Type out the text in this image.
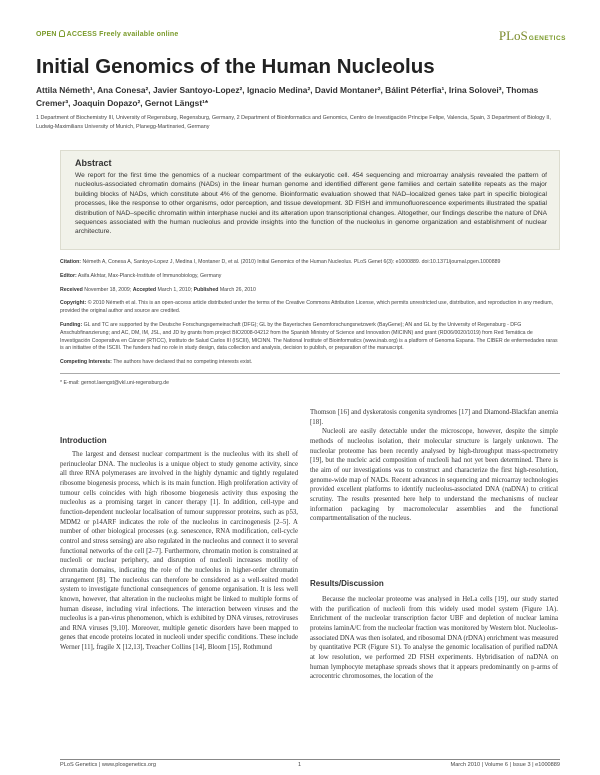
OPEN ACCESS Freely available online	PLoSGENETICS
Initial Genomics of the Human Nucleolus
Attila Németh¹, Ana Conesa², Javier Santoyo-Lopez², Ignacio Medina², David Montaner², Bálint Péterfia¹, Irina Solovei³, Thomas Cremer³, Joaquin Dopazo², Gernot Längst¹*
1 Department of Biochemistry III, University of Regensburg, Regensburg, Germany, 2 Department of Bioinformatics and Genomics, Centro de Investigación Príncipe Felipe, Valencia, Spain, 3 Department of Biology II, Ludwig-Maximilians University of Munich, Planegg-Martinsried, Germany
Abstract
We report for the first time the genomics of a nuclear compartment of the eukaryotic cell. 454 sequencing and microarray analysis revealed the pattern of nucleolus-associated chromatin domains (NADs) in the linear human genome and identified different gene families and certain satellite repeats as the major building blocks of NADs, which constitute about 4% of the genome. Bioinformatic evaluation showed that NAD–localized genes take part in specific biological processes, like the response to other organisms, odor perception, and tissue development. 3D FISH and immunofluorescence experiments illustrated the spatial distribution of NAD–specific chromatin within interphase nuclei and its alteration upon transcriptional changes. Altogether, our findings describe the nature of DNA sequences associated with the human nucleolus and provide insights into the function of the nucleolus in genome organization and establishment of nuclear architecture.

Citation: Németh A, Conesa A, Santoyo-Lopez J, Medina I, Montaner D, et al. (2010) Initial Genomics of the Human Nucleolus. PLoS Genet 6(3): e1000889. doi:10.1371/journal.pgen.1000889

Editor: Asifa Akhtar, Max-Planck-Institute of Immunobiology, Germany

Received November 18, 2009; Accepted March 1, 2010; Published March 26, 2010

Copyright: © 2010 Németh et al. This is an open-access article distributed under the terms of the Creative Commons Attribution License, which permits unrestricted use, distribution, and reproduction in any medium, provided the original author and source are credited.

Funding: GL and TC are supported by the Deutsche Forschungsgemeinschaft (DFG); GL by the Bayerisches Genomforschungsnetzwerk (BayGene); AN and GL by the University of Regensburg - DFG Anschubfinanzierung; and AC, DM, IM, JSL, and JD by grants from project BIO2008-04212 from the Spanish Ministry of Science and Innovation (MICINN) and grant (RD06/0020/1019) from Red Temática de Investigación Cooperativa en Cáncer (RTICC), Instituto de Salud Carlos III (ISCIII), MICINN. The National Institute of Bioinformatics (www.inab.org) is a platform of Genoma Espana. The CIBER de enfermedades raras is an initiative of the ISCIII. The funders had no role in study design, data collection and analysis, decision to publish, or preparation of the manuscript.

Competing Interests: The authors have declared that no competing interests exist.

* E-mail: gernot.laengst@vkl.uni-regensburg.de

Introduction

The largest and densest nuclear compartment is the nucleolus with its shell of perinucleolar DNA. The nucleolus is a unique object to study genome activity, since all three RNA polymerases are involved in the highly dynamic and tightly regulated ribosome biogenesis process, which is its main function. High proliferation activity of tumour cells coincides with high ribosome biogenesis activity thus exposing the nucleolus as a promising target in cancer therapy [1]. In addition, cell-type and function-dependent nucleolar localisation of tumour suppressor proteins, such as p53, MDM2 or p14ARF indicates the role of the nucleolus in carcinogenesis [2–5]. A number of other biological processes (e.g. senescence, RNA modification, cell-cycle control and stress sensing) are also regulated in the nucleolus and connect it to several functional networks of the cell [2–7]. Furthermore, chromatin motion is constrained at nucleoli or nuclear periphery, and disruption of nucleoli increases motility of chromatin domains, indicating the role of the nucleolus in higher-order chromatin arrangement [8]. The nucleolus can therefore be considered as a well-suited model system to investigate functional consequences of genome organisation. It is less well known, however, that alteration in the nucleolus might be linked to multiple forms of human disease, including viral infections. The interaction between viruses and the nucleolus is a pan-virus phenomenon, which is exhibited by DNA viruses, retroviruses and RNA viruses [9,10]. Moreover, multiple genetic disorders have been mapped to genes that encode proteins located in nucleoli under specific conditions. These include Werner [11], fragile X [12,13], Treacher Collins [14], Bloom [15], Rothmund

Thomson [16] and dyskeratosis congenita syndromes [17] and Diamond-Blackfan anemia [18].

Nucleoli are easily detectable under the microscope, however, despite the simple methods of nucleolus isolation, their molecular structure is largely unknown. The nucleolar proteome has been recently analysed by high-throughput mass-spectrometry [19], but the nucleic acid composition of nucleoli had not yet been determined. There is the aim of our investigations was to construct and characterize the first high-resolution, genome-wide map of NADs. Recent advances in sequencing and microarray technologies provided excellent platforms to identify nucleolus-associated DNA (naDNA) to critical scrutiny. The results presented here help to understand the mechanisms of nuclear information packaging by macromolecular assemblies and the functional compartmentalisation of the nucleus.

Results/Discussion

Because the nucleolar proteome was analysed in HeLa cells [19], our study started with the purification of nucleoli from this widely used model system (Figure 1A). Enrichment of the nucleolar transcription factor UBF and depletion of nuclear lamina proteins laminA/C from the nucleolar fraction was monitored by Western blot. Nucleolus-associated DNA was then isolated, and ribosomal DNA (rDNA) enrichment was measured by quantitative PCR (Figure S1). To analyse the genomic localisation of purified naDNA at low resolution, we performed 2D FISH experiments. Hybridisation of naDNA on human lymphocyte metaphase spreads shows that it appears predominantly on p-arms of acrocentric chromosomes, the location of the

PLoS Genetics | www.plosgenetics.org	1	March 2010 | Volume 6 | Issue 3 | e1000889
